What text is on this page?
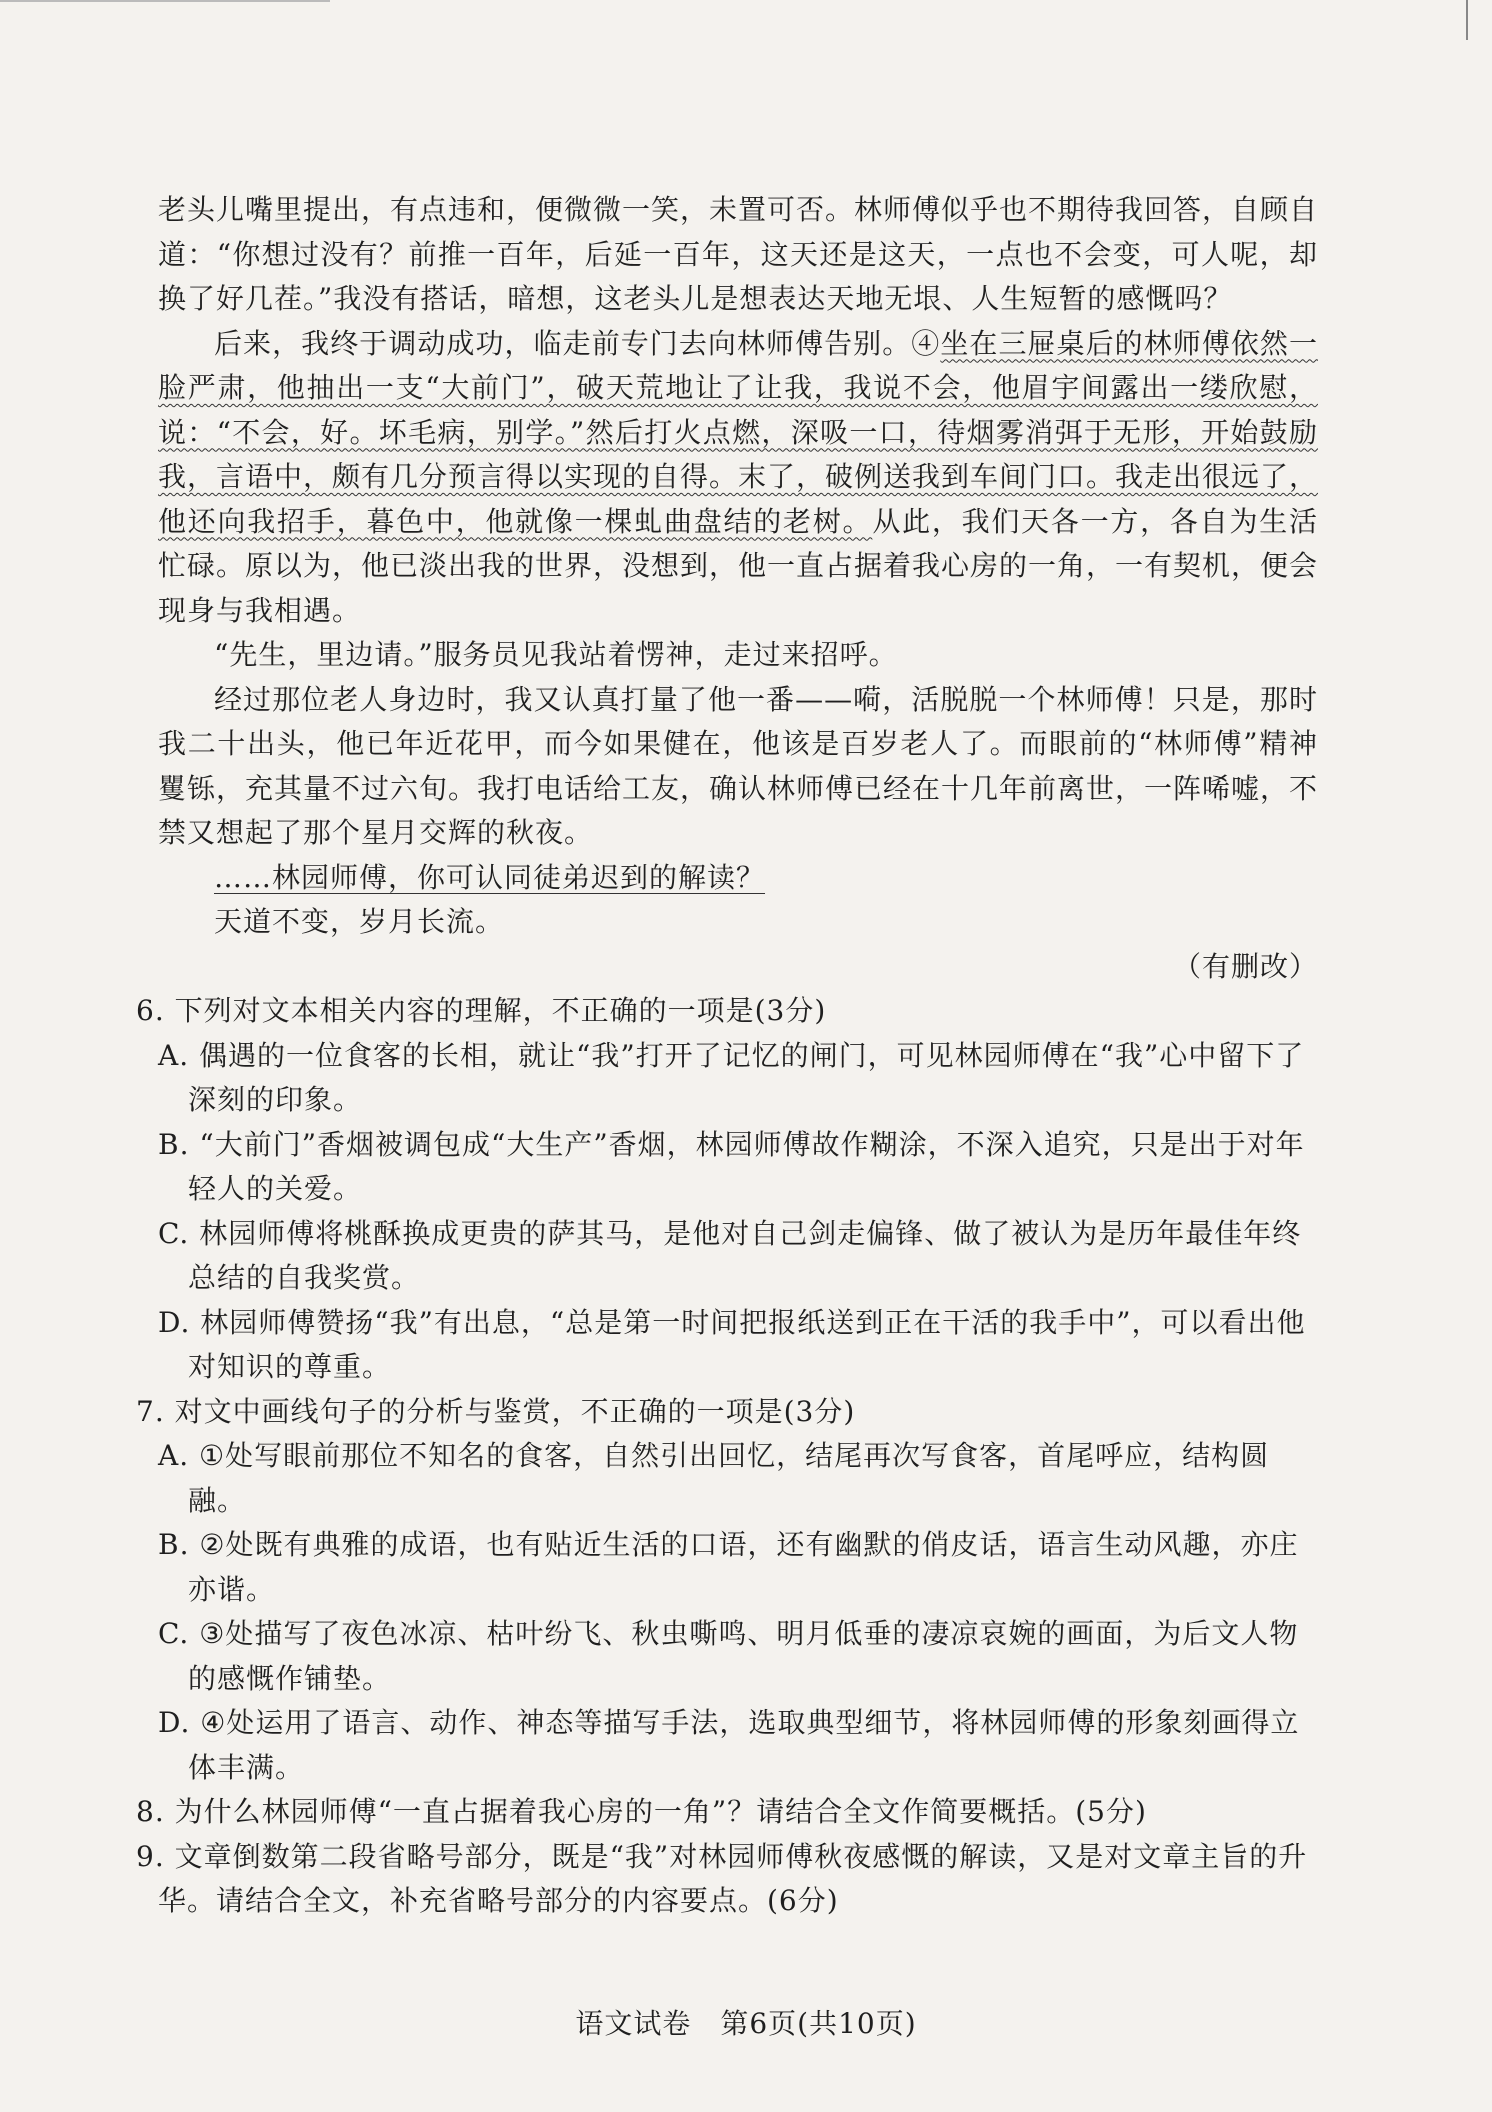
老头儿嘴里提出，有点违和，便微微一笑，未置可否。林师傅似乎也不期待我回答，自顾自道：“你想过没有？前推一百年，后延一百年，这天还是这天，一点也不会变，可人呢，却换了好几茬。”我没有搭话，暗想，这老头儿是想表达天地无垠、人生短暂的感慨吗？

后来，我终于调动成功，临走前专门去向林师傅告别。④坐在三屉桌后的林师傅依然一脸严肃，他抽出一支“大前门”，破天荒地让了让我，我说不会，他眉宇间露出一缕欣慰，说：“不会，好。坏毛病，别学。”然后打火点燃，深吸一口，待烟雾消弭于无形，开始鼓励我，言语中，颇有几分预言得以实现的自得。末了，破例送我到车间门口。我走出很远了，他还向我招手，暮色中，他就像一棵虬曲盘结的老树。从此，我们天各一方，各自为生活忙碌。原以为，他已淡出我的世界，没想到，他一直占据着我心房的一角，一有契机，便会现身与我相遇。

“先生，里边请。”服务员见我站着愣神，走过来招呼。

经过那位老人身边时，我又认真打量了他一番——嗬，活脱脱一个林师傅！只是，那时我二十出头，他已年近花甲，而今如果健在，他该是百岁老人了。而眼前的“林师傅”精神矍铄，充其量不过六旬。我打电话给工友，确认林师傅已经在十几年前离世，一阵唏嘘，不禁又想起了那个星月交辉的秋夜。

……林园师傅，你可认同徒弟迟到的解读？

天道不变，岁月长流。

（有删改）

6. 下列对文本相关内容的理解，不正确的一项是(3分)

A. 偶遇的一位食客的长相，就让“我”打开了记忆的闸门，可见林园师傅在“我”心中留下了深刻的印象。

B. “大前门”香烟被调包成“大生产”香烟，林园师傅故作糊涂，不深入追究，只是出于对年轻人的关爱。

C. 林园师傅将桃酥换成更贵的萨其马，是他对自己剑走偏锋、做了被认为是历年最佳年终总结的自我奖赏。

D. 林园师傅赞扬“我”有出息，“总是第一时间把报纸送到正在干活的我手中”，可以看出他对知识的尊重。

7. 对文中画线句子的分析与鉴赏，不正确的一项是(3分)

A. ①处写眼前那位不知名的食客，自然引出回忆，结尾再次写食客，首尾呼应，结构圆融。

B. ②处既有典雅的成语，也有贴近生活的口语，还有幽默的俏皮话，语言生动风趣，亦庄亦谐。

C. ③处描写了夜色冰凉、枯叶纷飞、秋虫嘶鸣、明月低垂的凄凉哀婉的画面，为后文人物的感慨作铺垫。

D. ④处运用了语言、动作、神态等描写手法，选取典型细节，将林园师傅的形象刻画得立体丰满。

8. 为什么林园师傅“一直占据着我心房的一角”？请结合全文作简要概括。(5分)

9. 文章倒数第二段省略号部分，既是“我”对林园师傅秋夜感慨的解读，又是对文章主旨的升华。请结合全文，补充省略号部分的内容要点。(6分)

语文试卷　第6页(共10页)
